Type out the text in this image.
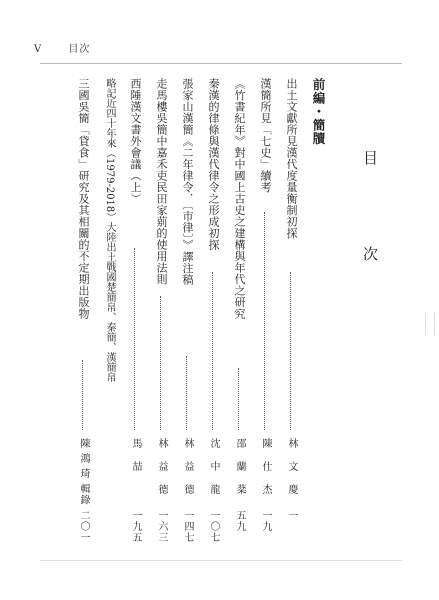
V	目次
目 次
前編・簡牘
出土文獻所見漢代度量衡制初探
林 文 慶
一
漢簡所見「七史」續考
陳 仕 杰
一九
《竹書紀年》對中國上古史之建構與年代之研究
邵 蘭 棻
五九
秦漢的律條與漢代律令之形成初探
沈 中 龍
一〇七
張家山漢簡《二年律令．〔市律〕》譯注稿
林 益 德
一四七
走馬樓吳簡中嘉禾吏民田家莂的使用法則
林 益 德
一六三
西陲漢文書外會議（上）
馬 喆
一九五
略記近四十年來（1979-2018）大陸出土戰國楚簡帛、秦簡、漢簡帛
三國吳簡「貸食」研究及其相關的不定期出版物
陳 鴻 琦 輯錄
二〇一
